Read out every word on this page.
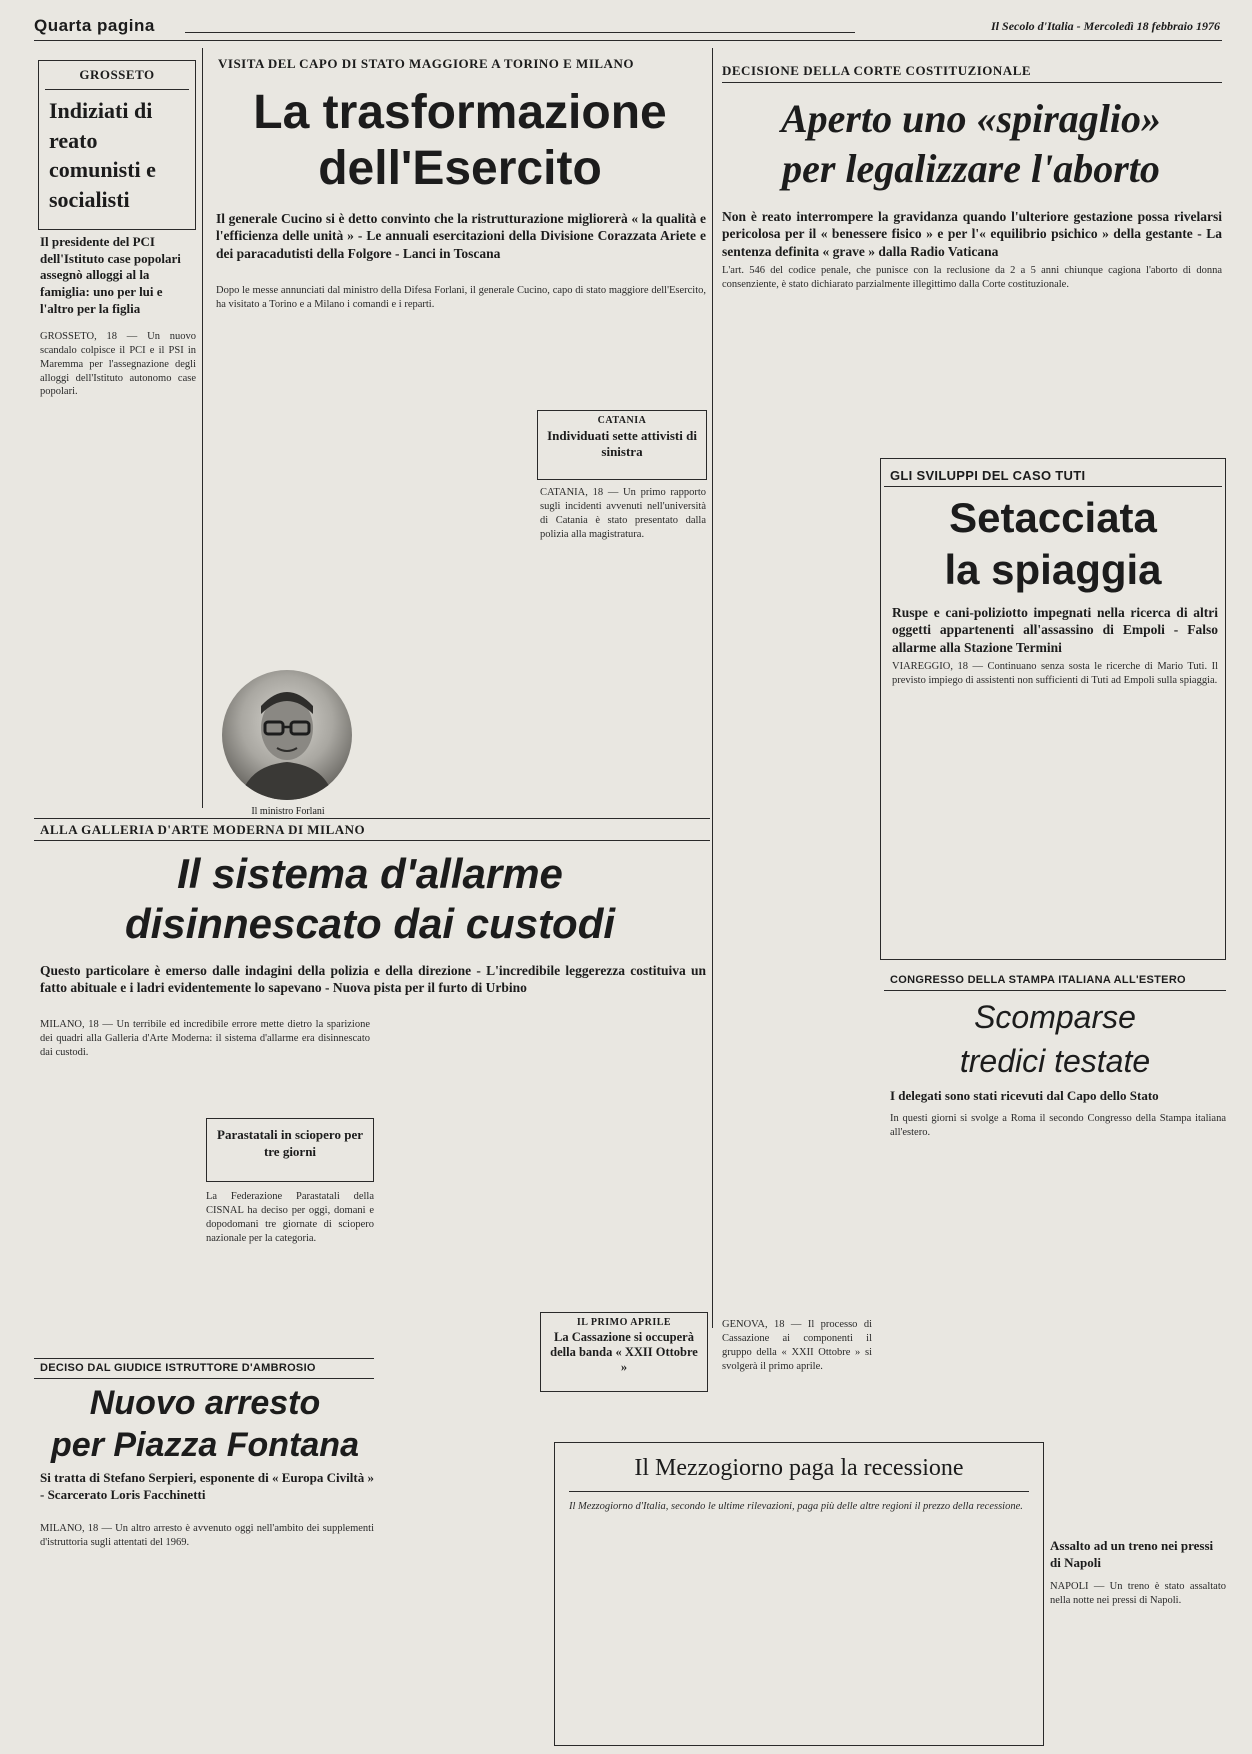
Quarta pagina	Il Secolo d'Italia - Mercoledì 18 febbraio 1976
GROSSETO
Indiziati di reato comunisti e socialisti
Il presidente del PCI dell'Istituto case popolari assegnò alloggi al la famiglia: uno per lui e l'altro per la figlia
GROSSETO, 18 — Un nuovo scandalo colpisce il PCI e il PSI in Maremma per l'assegnazione degli alloggi dell'Istituto autonomo case popolari.
VISITA DEL CAPO DI STATO MAGGIORE A TORINO E MILANO
La trasformazione
dell'Esercito
Il generale Cucino si è detto convinto che la ristrutturazione migliorerà « la qualità e l'efficienza delle unità » - Le annuali esercitazioni della Divisione Corazzata Ariete e dei paracadutisti della Folgore - Lanci in Toscana
Dopo le messe annunciati dal ministro della Difesa Forlani, il generale Cucino, capo di stato maggiore dell'Esercito, ha visitato a Torino e a Milano i comandi e i reparti.
Il ministro Forlani
CATANIA
Individuati sette attivisti di sinistra
CATANIA, 18 — Un primo rapporto sugli incidenti avvenuti nell'università di Catania è stato presentato dalla polizia alla magistratura.
DECISIONE DELLA CORTE COSTITUZIONALE
Aperto uno «spiraglio»
per legalizzare l'aborto
Non è reato interrompere la gravidanza quando l'ulteriore gestazione possa rivelarsi pericolosa per il « benessere fisico » e per l'« equilibrio psichico » della gestante - La sentenza definita « grave » dalla Radio Vaticana
L'art. 546 del codice penale, che punisce con la reclusione da 2 a 5 anni chiunque cagiona l'aborto di donna consenziente, è stato dichiarato parzialmente illegittimo dalla Corte costituzionale.
GLI SVILUPPI DEL CASO TUTI
Setacciata
la spiaggia
Ruspe e cani-poliziotto impegnati nella ricerca di altri oggetti appartenenti all'assassino di Empoli - Falso allarme alla Stazione Termini
VIAREGGIO, 18 — Continuano senza sosta le ricerche di Mario Tuti. Il previsto impiego di assistenti non sufficienti di Tuti ad Empoli sulla spiaggia.
ALLA GALLERIA D'ARTE MODERNA DI MILANO
Il sistema d'allarme
disinnescato dai custodi
Questo particolare è emerso dalle indagini della polizia e della direzione - L'incredibile leggerezza costituiva un fatto abituale e i ladri evidentemente lo sapevano - Nuova pista per il furto di Urbino
MILANO, 18 — Un terribile ed incredibile errore mette dietro la sparizione dei quadri alla Galleria d'Arte Moderna: il sistema d'allarme era disinnescato dai custodi.
Parastatali in sciopero per tre giorni
La Federazione Parastatali della CISNAL ha deciso per oggi, domani e dopodomani tre giornate di sciopero nazionale per la categoria.
IL PRIMO APRILE
La Cassazione si occuperà della banda « XXII Ottobre »
GENOVA, 18 — Il processo di Cassazione ai componenti il gruppo della « XXII Ottobre » si svolgerà il primo aprile.
CONGRESSO DELLA STAMPA ITALIANA ALL'ESTERO
Scomparse
tredici testate
I delegati sono stati ricevuti dal Capo dello Stato
In questi giorni si svolge a Roma il secondo Congresso della Stampa italiana all'estero.
DECISO DAL GIUDICE ISTRUTTORE D'AMBROSIO
Nuovo arresto
per Piazza Fontana
Si tratta di Stefano Serpieri, esponente di « Europa Civiltà » - Scarcerato Loris Facchinetti
MILANO, 18 — Un altro arresto è avvenuto oggi nell'ambito dei supplementi d'istruttoria sugli attentati del 1969.
Il Mezzogiorno paga la recessione
Il Mezzogiorno d'Italia, secondo le ultime rilevazioni, paga più delle altre regioni il prezzo della recessione.
Assalto ad un treno nei pressi di Napoli
NAPOLI — Un treno è stato assaltato nella notte nei pressi di Napoli.
